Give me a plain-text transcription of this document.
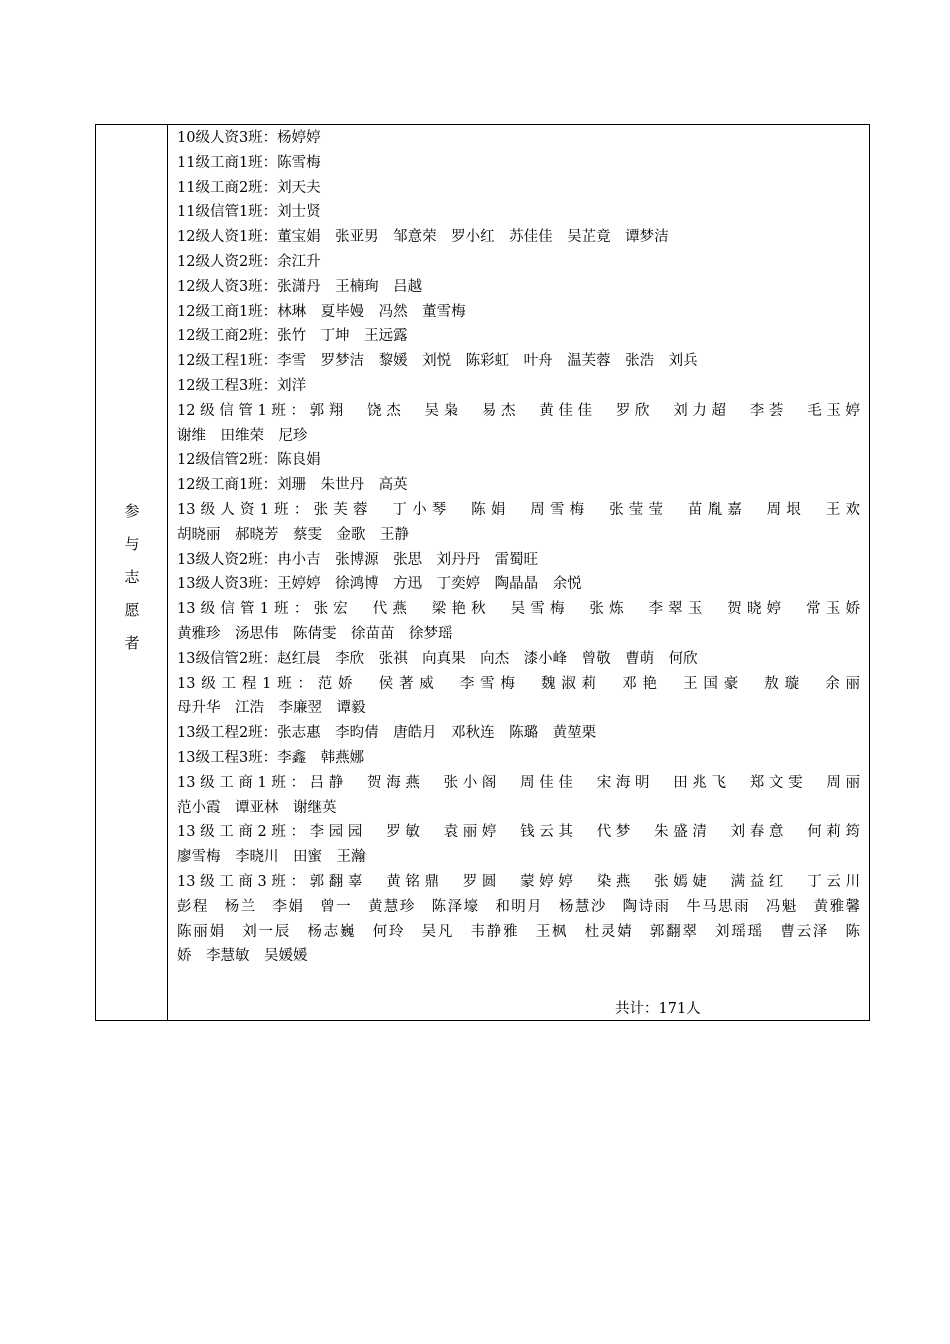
参
与
志
愿
者
10级人资3班：杨婷婷
11级工商1班：陈雪梅
11级工商2班：刘天夫
11级信管1班：刘士贤
12级人资1班：董宝娟　张亚男　邹意荣　罗小红　苏佳佳　吴芷竟　谭梦洁
12级人资2班：余江升
12级人资3班：张潇丹　王楠珣　吕越
12级工商1班：林琳　夏毕嫚　冯然　董雪梅
12级工商2班：张竹　丁坤　王远露
12级工程1班：李雪　罗梦洁　黎媛　刘悦　陈彩虹　叶舟　温芙蓉　张浩　刘兵
12级工程3班：刘洋
12级信管1班：郭翔　饶杰　吴枭　易杰　黄佳佳　罗欣　刘力超　李荟　毛玉婷
谢维　田维荣　尼珍
12级信管2班：陈良娟
12级工商1班：刘珊　朱世丹　高英
13级人资1班：张芙蓉　丁小琴　陈娟　周雪梅　张莹莹　苗胤嘉　周垠　王欢
胡晓丽　郝晓芳　蔡雯　金歌　王静
13级人资2班：冉小吉　张博源　张思　刘丹丹　雷蜀旺
13级人资3班：王婷婷　徐鸿博　方迅　丁奕婷　陶晶晶　余悦
13级信管1班：张宏　代燕　梁艳秋　吴雪梅　张炼　李翠玉　贺晓婷　常玉娇
黄雅珍　汤思伟　陈倩雯　徐苗苗　徐梦瑶
13级信管2班：赵红晨　李欣　张祺　向真果　向杰　漆小峰　曾敬　曹萌　何欣
13级工程1班：范娇　侯著威　李雪梅　魏淑莉　邓艳　王国豪　敖璇　余丽
母升华　江浩　李廉翌　谭毅
13级工程2班：张志惠　李昀倩　唐皓月　邓秋连　陈璐　黄堃栗
13级工程3班：李鑫　韩燕娜
13级工商1班：吕静　贺海燕　张小阁　周佳佳　宋海明　田兆飞　郑文雯　周丽
范小霞　谭亚林　谢继英
13级工商2班：李园园　罗敏　袁丽婷　钱云其　代梦　朱盛清　刘春意　何莉筠
廖雪梅　李晓川　田蜜　王瀚
13级工商3班：郭翻辜　黄铭鼎　罗圆　蒙婷婷　染燕　张嫣婕　满益红　丁云川
彭程　杨兰　李娟　曾一　黄慧珍　陈泽壕　和明月　杨慧沙　陶诗雨　牛马思雨　冯魁　黄雅馨
陈丽娟　刘一辰　杨志巍　何玲　吴凡　韦静雅　王枫　杜灵婧　郭翻翠　刘瑶瑶　曹云泽　陈
娇　李慧敏　吴媛媛
共计：171人
